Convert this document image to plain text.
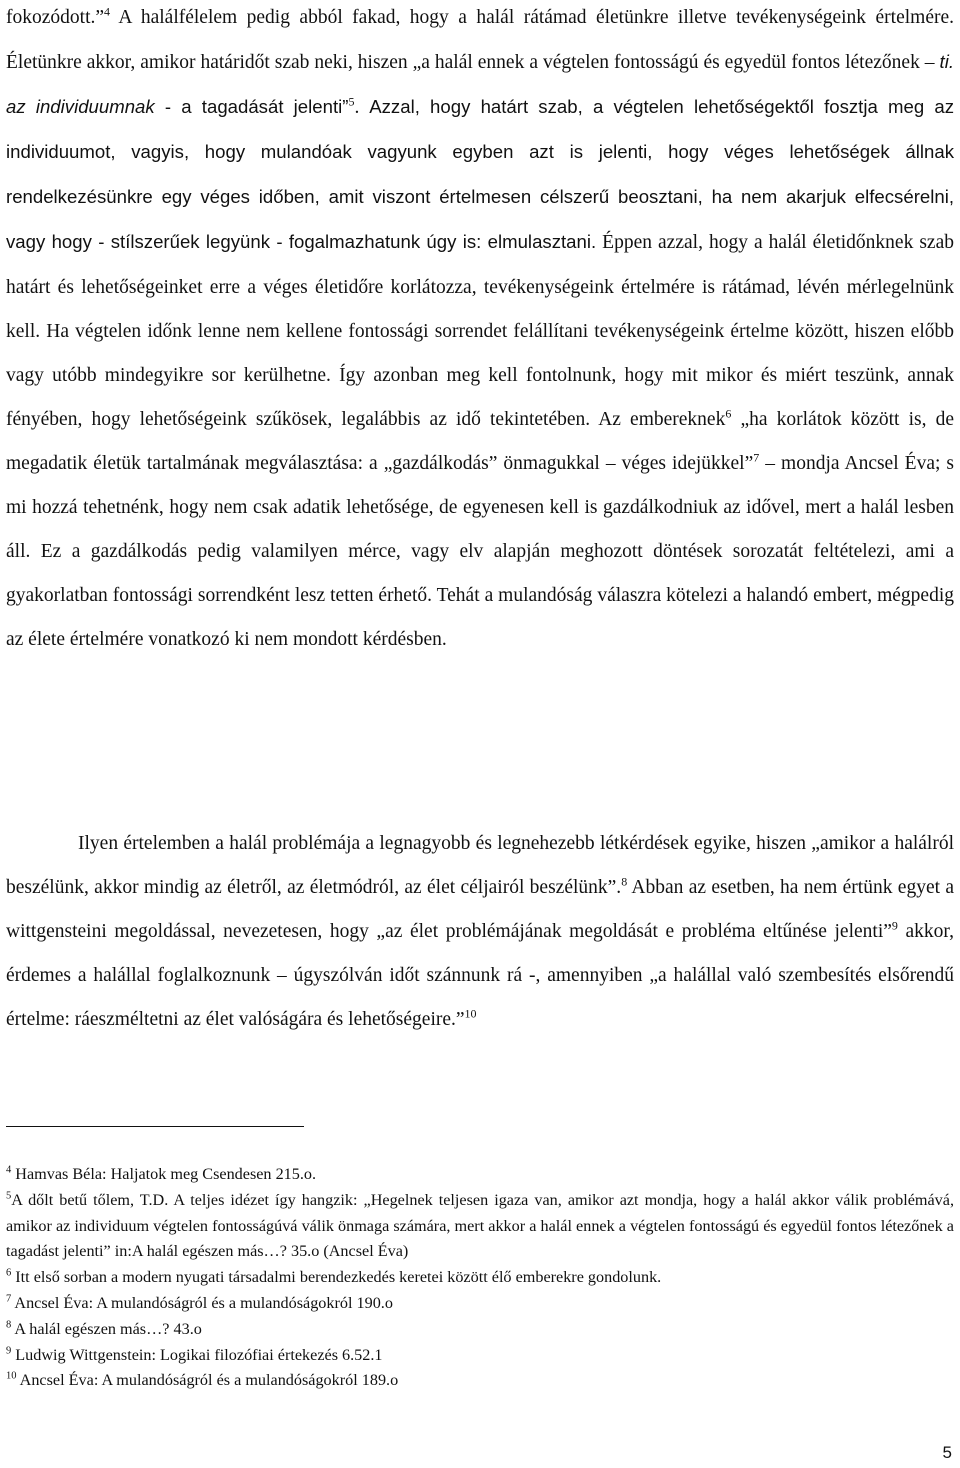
fokozódott.”$^4$ A halálfélelem pedig abból fakad, hogy a halál rátámad életünkre illetve tevékenységeink értelmére. Életünkre akkor, amikor határidőt szab neki, hiszen „a halál ennek a végtelen fontosságú és egyedül fontos létezőnek – ti. az individuumnak - a tagadását jelenti”$^5$. Azzal, hogy határt szab, a végtelen lehetőségektől fosztja meg az individuumot, vagyis, hogy mulandóak vagyunk egyben azt is jelenti, hogy véges lehetőségek állnak rendelkezésünkre egy véges időben, amit viszont értelmesen célszerű beosztani, ha nem akarjuk elfecsérelni, vagy hogy - stílszerűek legyünk - fogalmazhatunk úgy is: elmulasztani. Éppen azzal, hogy a halál életidőnknek szab határt és lehetőségeinket erre a véges életidőre korlátozza, tevékenységeink értelmére is rátámad, lévén mérlegelnünk kell. Ha végtelen időnk lenne nem kellene fontossági sorrendet felállítani tevékenységeink értelme között, hiszen előbb vagy utóbb mindegyikre sor kerülhetne. Így azonban meg kell fontolnunk, hogy mit mikor és miért teszünk, annak fényében, hogy lehetőségeink szűkösek, legalábbis az idő tekintetében. Az embereknek$^6$ „ha korlátok között is, de megadatik életük tartalmának megválasztása: a „gazdálkodás” önmagukkal – véges idejükkel”$^7$ – mondja Ancsel Éva; s mi hozzá tehetnénk, hogy nem csak adatik lehetősége, de egyenesen kell is gazdálkodniuk az idővel, mert a halál lesben áll. Ez a gazdálkodás pedig valamilyen mérce, vagy elv alapján meghozott döntések sorozatát feltételezi, ami a gyakorlatban fontossági sorrendként lesz tetten érhető. Tehát a mulandóság válaszra kötelezi a halandó embert, mégpedig az élete értelmére vonatkozó ki nem mondott kérdésben.

Ilyen értelemben a halál problémája a legnagyobb és legnehezebb létkérdések egyike, hiszen „amikor a halálról beszélünk, akkor mindig az életről, az életmódról, az élet céljairól beszélünk”.$^8$ Abban az esetben, ha nem értünk egyet a wittgensteini megoldással, nevezetesen, hogy „az élet problémájának megoldását e probléma eltűnése jelenti”$^9$ akkor, érdemes a halállal foglalkoznunk – úgyszólván időt szánnunk rá -, amennyiben „a halállal való szembesítés elsőrendű értelme: ráeszméltetni az élet valóságára és lehetőségeire.”$^{10}$

$^4$ Hamvas Béla: Haljatok meg Csendesen 215.o.

$^5$A dőlt betű tőlem, T.D. A teljes idézet így hangzik: „Hegelnek teljesen igaza van, amikor azt mondja, hogy a halál akkor válik problémává, amikor az individuum végtelen fontosságúvá válik önmaga számára, mert akkor a halál ennek a végtelen fontosságú és egyedül fontos létezőnek a tagadást jelenti” in:A halál egészen más…? 35.o (Ancsel Éva)

$^6$ Itt első sorban a modern nyugati társadalmi berendezkedés keretei között élő emberekre gondolunk.

$^7$ Ancsel Éva: A mulandóságról és a mulandóságokról 190.o

$^8$ A halál egészen más…? 43.o

$^9$ Ludwig Wittgenstein: Logikai filozófiai értekezés 6.52.1

$^{10}$ Ancsel Éva: A mulandóságról és a mulandóságokról 189.o

5
